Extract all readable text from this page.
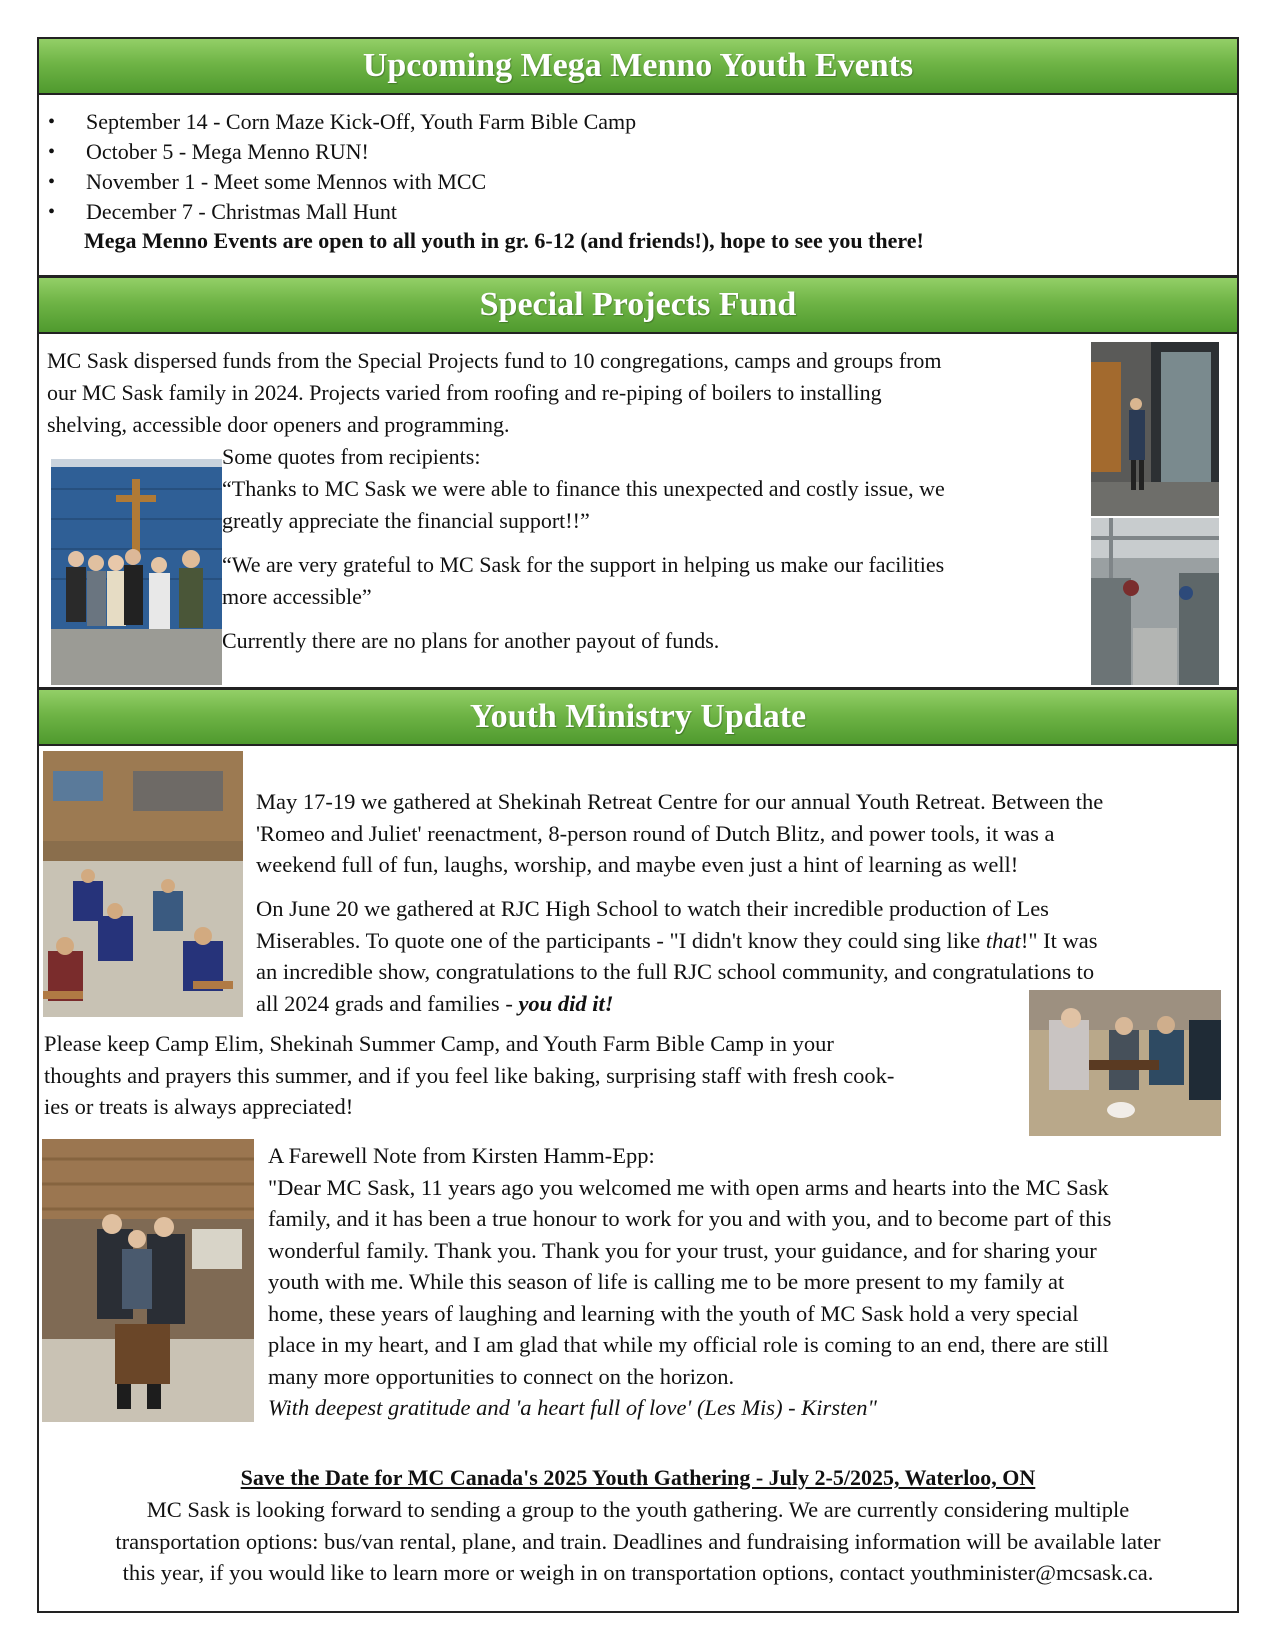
Upcoming Mega Menno Youth Events
• September 14 - Corn Maze Kick-Off, Youth Farm Bible Camp
• October 5 - Mega Menno RUN!
• November 1 - Meet some Mennos with MCC
• December 7 - Christmas Mall Hunt
Mega Menno Events are open to all youth in gr. 6-12 (and friends!), hope to see you there!
Special Projects Fund
MC Sask dispersed funds from the Special Projects fund to 10 congregations, camps and groups from
our MC Sask family in 2024. Projects varied from roofing and re-piping of boilers to installing
shelving, accessible door openers and programming.
Some quotes from recipients:
“Thanks to MC Sask we were able to finance this unexpected and costly issue, we
greatly appreciate the financial support!!”
“We are very grateful to MC Sask for the support in helping us make our facilities
more accessible”
Currently there are no plans for another payout of funds.
Youth Ministry Update
May 17-19 we gathered at Shekinah Retreat Centre for our annual Youth Retreat. Between the
'Romeo and Juliet' reenactment, 8-person round of Dutch Blitz, and power tools, it was a
weekend full of fun, laughs, worship, and maybe even just a hint of learning as well!
On June 20 we gathered at RJC High School to watch their incredible production of Les
Miserables. To quote one of the participants - "I didn't know they could sing like that!" It was
an incredible show, congratulations to the full RJC school community, and congratulations to
all 2024 grads and families - you did it!
Please keep Camp Elim, Shekinah Summer Camp, and Youth Farm Bible Camp in your
thoughts and prayers this summer, and if you feel like baking, surprising staff with fresh cook-
ies or treats is always appreciated!
A Farewell Note from Kirsten Hamm-Epp:
"Dear MC Sask, 11 years ago you welcomed me with open arms and hearts into the MC Sask
family, and it has been a true honour to work for you and with you, and to become part of this
wonderful family. Thank you. Thank you for your trust, your guidance, and for sharing your
youth with me. While this season of life is calling me to be more present to my family at
home, these years of laughing and learning with the youth of MC Sask hold a very special
place in my heart, and I am glad that while my official role is coming to an end, there are still
many more opportunities to connect on the horizon.
With deepest gratitude and 'a heart full of love' (Les Mis) - Kirsten"
Save the Date for MC Canada's 2025 Youth Gathering - July 2-5/2025, Waterloo, ON
MC Sask is looking forward to sending a group to the youth gathering. We are currently considering multiple
transportation options: bus/van rental, plane, and train. Deadlines and fundraising information will be available later
this year, if you would like to learn more or weigh in on transportation options, contact youthminister@mcsask.ca.
